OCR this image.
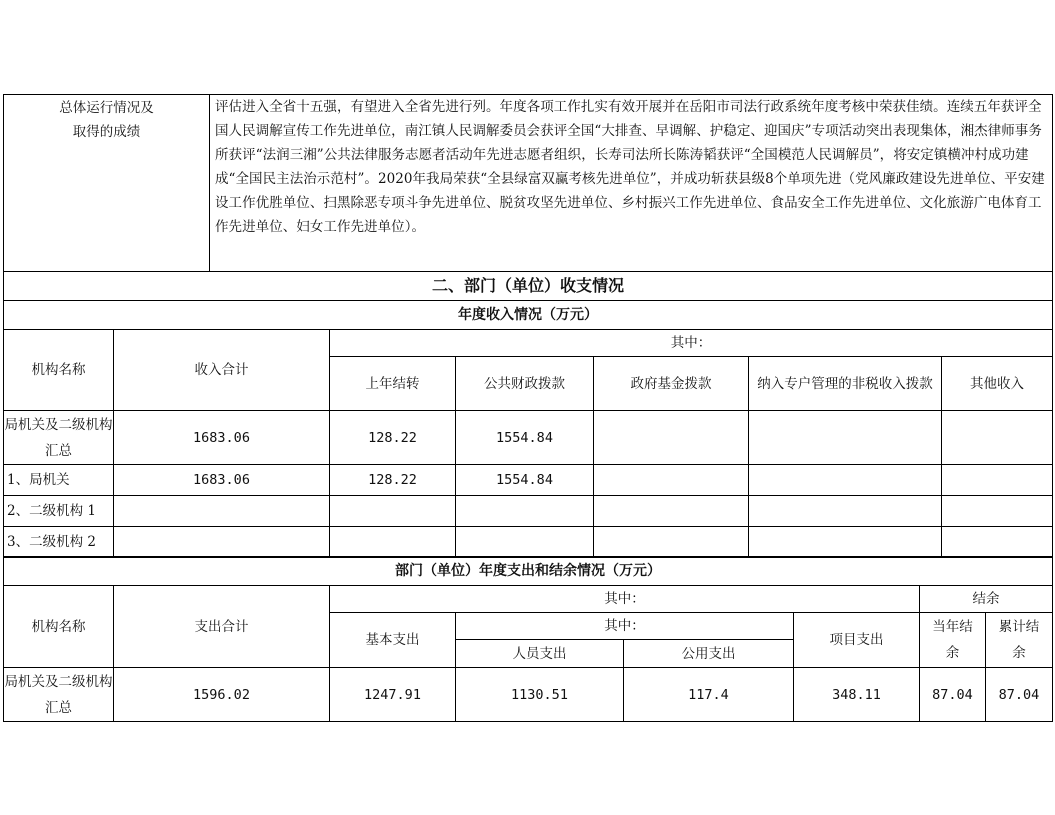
总体运行情况及
取得的成绩
	评估进入全省十五强，有望进入全省先进行列。年度各项工作扎实有效开展并在岳阳市司法行政系统年度考核中荣获佳绩。连续五年获评全国人民调解宣传工作先进单位，南江镇人民调解委员会获评全国“大排查、早调解、护稳定、迎国庆”专项活动突出表现集体，湘杰律师事务所获评“法润三湘”公共法律服务志愿者活动年先进志愿者组织，长寿司法所长陈涛韬获评“全国模范人民调解员”，将安定镇横冲村成功建成“全国民主法治示范村”。2020年我局荣获“全县绿富双赢考核先进单位”，并成功斩获县级8个单项先进（党风廉政建设先进单位、平安建设工作优胜单位、扫黑除恶专项斗争先进单位、脱贫攻坚先进单位、乡村振兴工作先进单位、食品安全工作先进单位、文化旅游广电体育工作先进单位、妇女工作先进单位）。
二、部门（单位）收支情况						
年度收入情况（万元）						
机构名称	收入合计	其中：				
		上年结转	公共财政拨款	政府基金拨款	纳入专户管理的非税收入拨款	其他收入
局机关及二级机构汇总	1683.06	128.22	1554.84			
1、局机关	1683.06	128.22	1554.84			
2、二级机构 1						
3、二级机构 2						
部门（单位）年度支出和结余情况（万元）							
机构名称	支出合计	其中：				结余	
		基本支出	其中：		项目支出	当年结余	累计结余
			人员支出	公用支出			
局机关及二级机构汇总	1596.02	1247.91	1130.51	117.4	348.11	87.04	87.04
